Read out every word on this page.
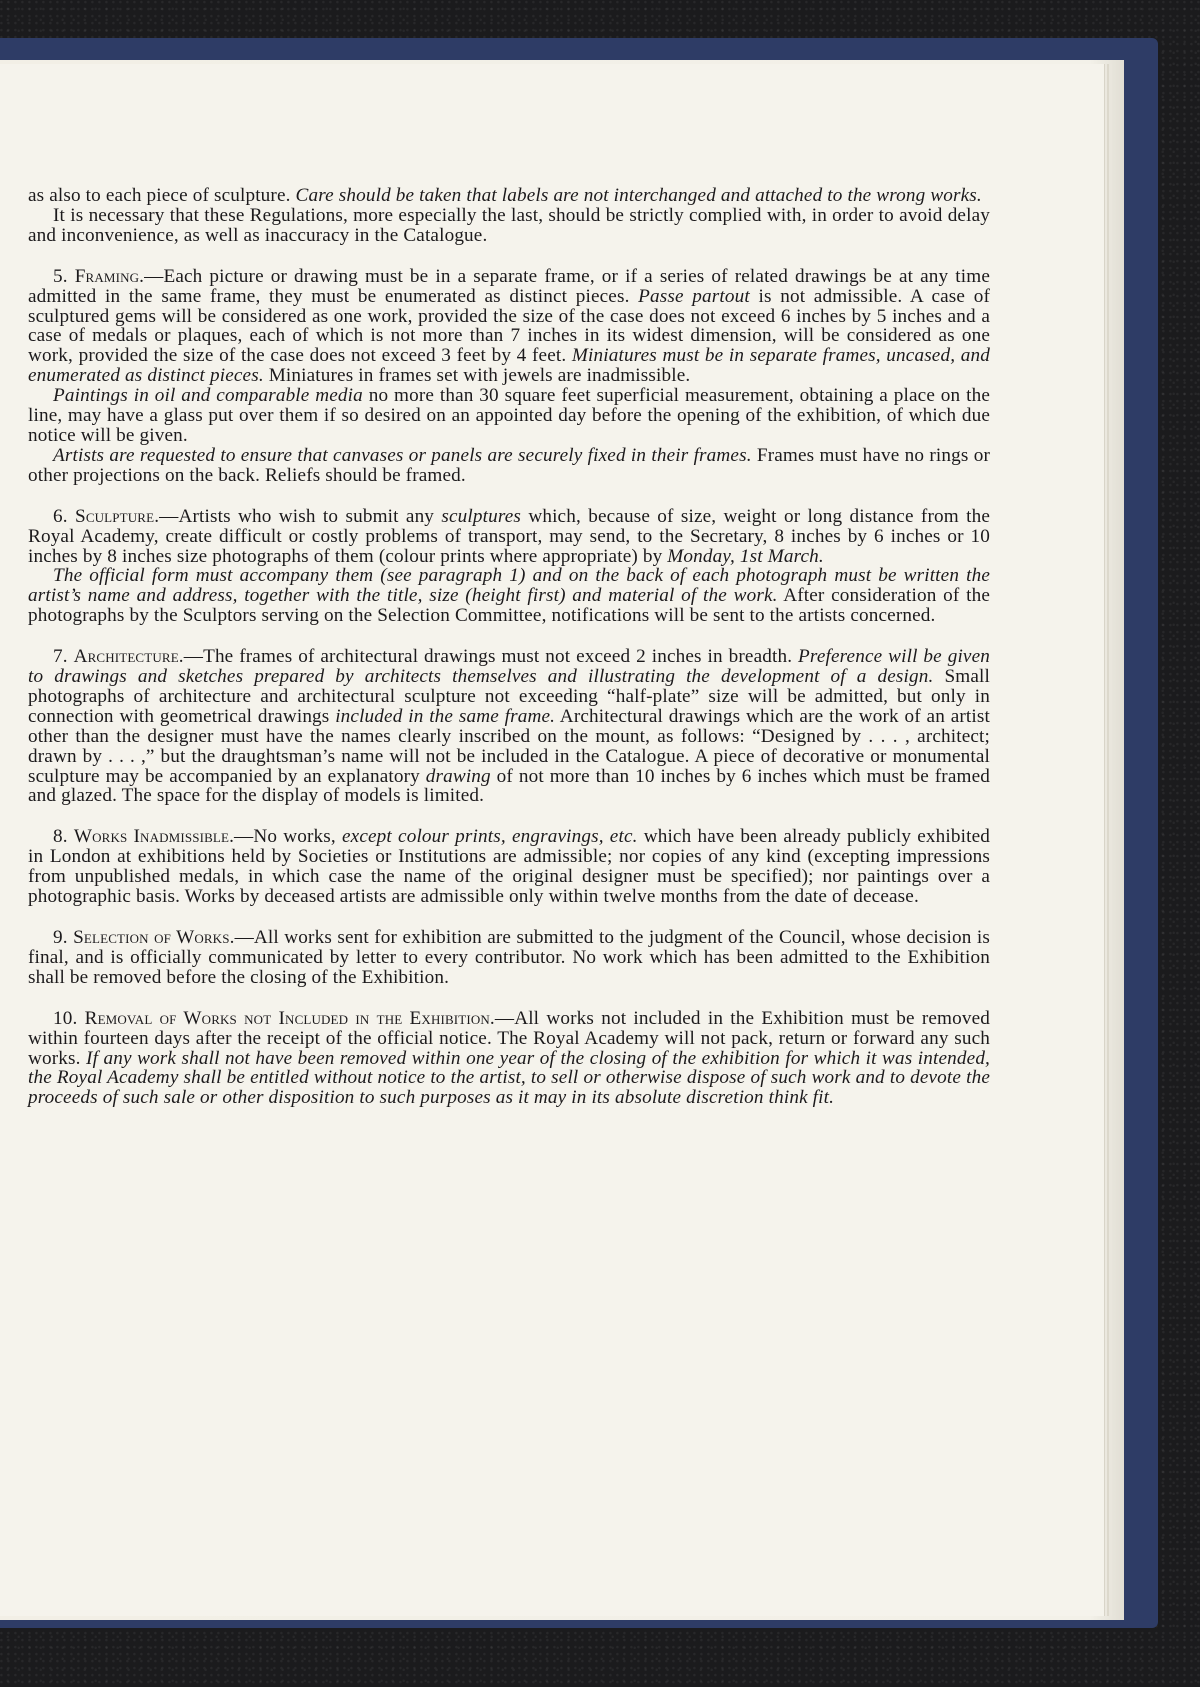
as also to each piece of sculpture. Care should be taken that labels are not interchanged and attached to the wrong works.

It is necessary that these Regulations, more especially the last, should be strictly complied with, in order to avoid delay and inconvenience, as well as inaccuracy in the Catalogue.

5. Framing.—Each picture or drawing must be in a separate frame, or if a series of related drawings be at any time admitted in the same frame, they must be enumerated as distinct pieces. Passe partout is not admissible. A case of sculptured gems will be considered as one work, provided the size of the case does not exceed 6 inches by 5 inches and a case of medals or plaques, each of which is not more than 7 inches in its widest dimension, will be considered as one work, provided the size of the case does not exceed 3 feet by 4 feet. Miniatures must be in separate frames, uncased, and enumerated as distinct pieces. Miniatures in frames set with jewels are inadmissible.

Paintings in oil and comparable media no more than 30 square feet superficial measurement, obtaining a place on the line, may have a glass put over them if so desired on an appointed day before the opening of the exhibition, of which due notice will be given.

Artists are requested to ensure that canvases or panels are securely fixed in their frames. Frames must have no rings or other projections on the back. Reliefs should be framed.

6. Sculpture.—Artists who wish to submit any sculptures which, because of size, weight or long distance from the Royal Academy, create difficult or costly problems of transport, may send, to the Secretary, 8 inches by 6 inches or 10 inches by 8 inches size photographs of them (colour prints where appropriate) by Monday, 1st March.

The official form must accompany them (see paragraph 1) and on the back of each photograph must be written the artist’s name and address, together with the title, size (height first) and material of the work. After consideration of the photographs by the Sculptors serving on the Selection Committee, notifications will be sent to the artists concerned.

7. Architecture.—The frames of architectural drawings must not exceed 2 inches in breadth. Preference will be given to drawings and sketches prepared by architects themselves and illustrating the development of a design. Small photographs of architecture and architectural sculpture not exceeding “half-plate” size will be admitted, but only in connection with geometrical drawings included in the same frame. Architectural drawings which are the work of an artist other than the designer must have the names clearly inscribed on the mount, as follows: “Designed by . . . , architect; drawn by . . . ,” but the draughtsman’s name will not be included in the Catalogue. A piece of decorative or monumental sculpture may be accompanied by an explanatory drawing of not more than 10 inches by 6 inches which must be framed and glazed. The space for the display of models is limited.

8. Works Inadmissible.—No works, except colour prints, engravings, etc. which have been already publicly exhibited in London at exhibitions held by Societies or Institutions are admissible; nor copies of any kind (excepting impressions from unpublished medals, in which case the name of the original designer must be specified); nor paintings over a photographic basis. Works by deceased artists are admissible only within twelve months from the date of decease.

9. Selection of Works.—All works sent for exhibition are submitted to the judgment of the Council, whose decision is final, and is officially communicated by letter to every contributor. No work which has been admitted to the Exhibition shall be removed before the closing of the Exhibition.

10. Removal of Works not Included in the Exhibition.—All works not included in the Exhibition must be removed within fourteen days after the receipt of the official notice. The Royal Academy will not pack, return or forward any such works. If any work shall not have been removed within one year of the closing of the exhibition for which it was intended, the Royal Academy shall be entitled without notice to the artist, to sell or otherwise dispose of such work and to devote the proceeds of such sale or other disposition to such purposes as it may in its absolute discretion think fit.
